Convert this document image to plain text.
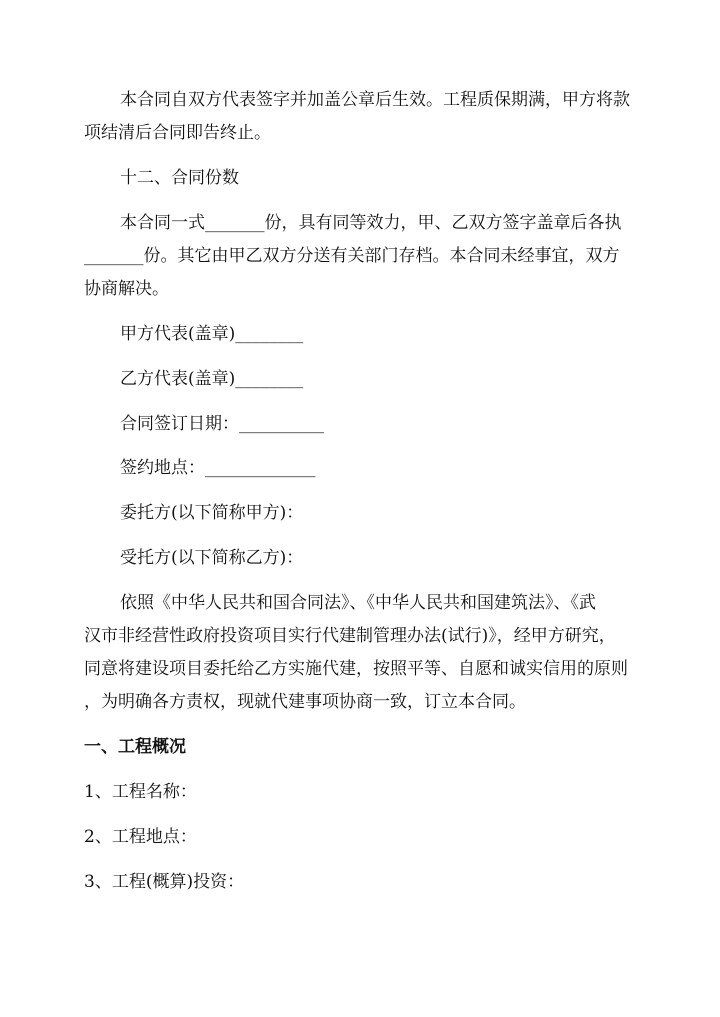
本合同自双方代表签字并加盖公章后生效。工程质保期满，甲方将款
项结清后合同即告终止。
十二、合同份数
本合同一式_______份，具有同等效力，甲、乙双方签字盖章后各执
_______份。其它由甲乙双方分送有关部门存档。本合同未经事宜，双方
协商解决。
甲方代表(盖章)________
乙方代表(盖章)________
合同签订日期：__________
签约地点：_____________
委托方(以下简称甲方)：
受托方(以下简称乙方)：
依照《中华人民共和国合同法》、《中华人民共和国建筑法》、《武
汉市非经营性政府投资项目实行代建制管理办法(试行)》，经甲方研究，
同意将建设项目委托给乙方实施代建，按照平等、自愿和诚实信用的原则
，为明确各方责权，现就代建事项协商一致，订立本合同。
一、工程概况
1、工程名称：
2、工程地点：
3、工程(概算)投资：
